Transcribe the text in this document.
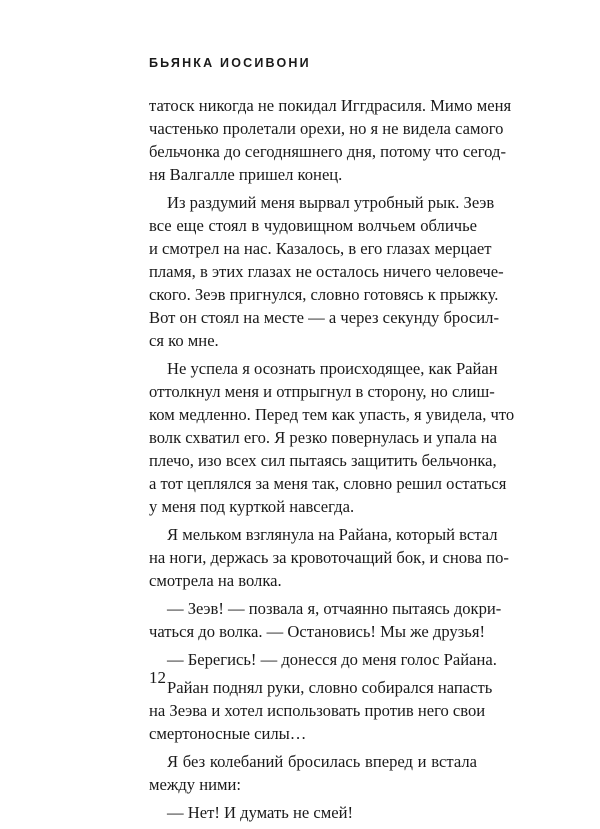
БЬЯНКА ИОСИВОНИ
татоск никогда не покидал Иггдрасиля. Мимо меня
частенько пролетали орехи, но я не видела самого
бельчонка до сегодняшнего дня, потому что сегод-
ня Валгалле пришел конец.
Из раздумий меня вырвал утробный рык. Зеэв
все еще стоял в чудовищном волчьем обличье
и смотрел на нас. Казалось, в его глазах мерцает
пламя, в этих глазах не осталось ничего человече-
ского. Зеэв пригнулся, словно готовясь к прыжку.
Вот он стоял на месте — а через секунду бросил-
ся ко мне.
Не успела я осознать происходящее, как Райан
оттолкнул меня и отпрыгнул в сторону, но слиш-
ком медленно. Перед тем как упасть, я увидела, что
волк схватил его. Я резко повернулась и упала на
плечо, изо всех сил пытаясь защитить бельчонка,
а тот цеплялся за меня так, словно решил остаться
у меня под курткой навсегда.
Я мельком взглянула на Райана, который встал
на ноги, держась за кровоточащий бок, и снова по-
смотрела на волка.
— Зеэв! — позвала я, отчаянно пытаясь докри-
чаться до волка. — Остановись! Мы же друзья!
— Берегись! — донесся до меня голос Райана.
Райан поднял руки, словно собирался напасть
на Зеэва и хотел использовать против него свои
смертоносные силы…
Я без колебаний бросилась вперед и встала
между ними:
— Нет! И думать не смей!
12
